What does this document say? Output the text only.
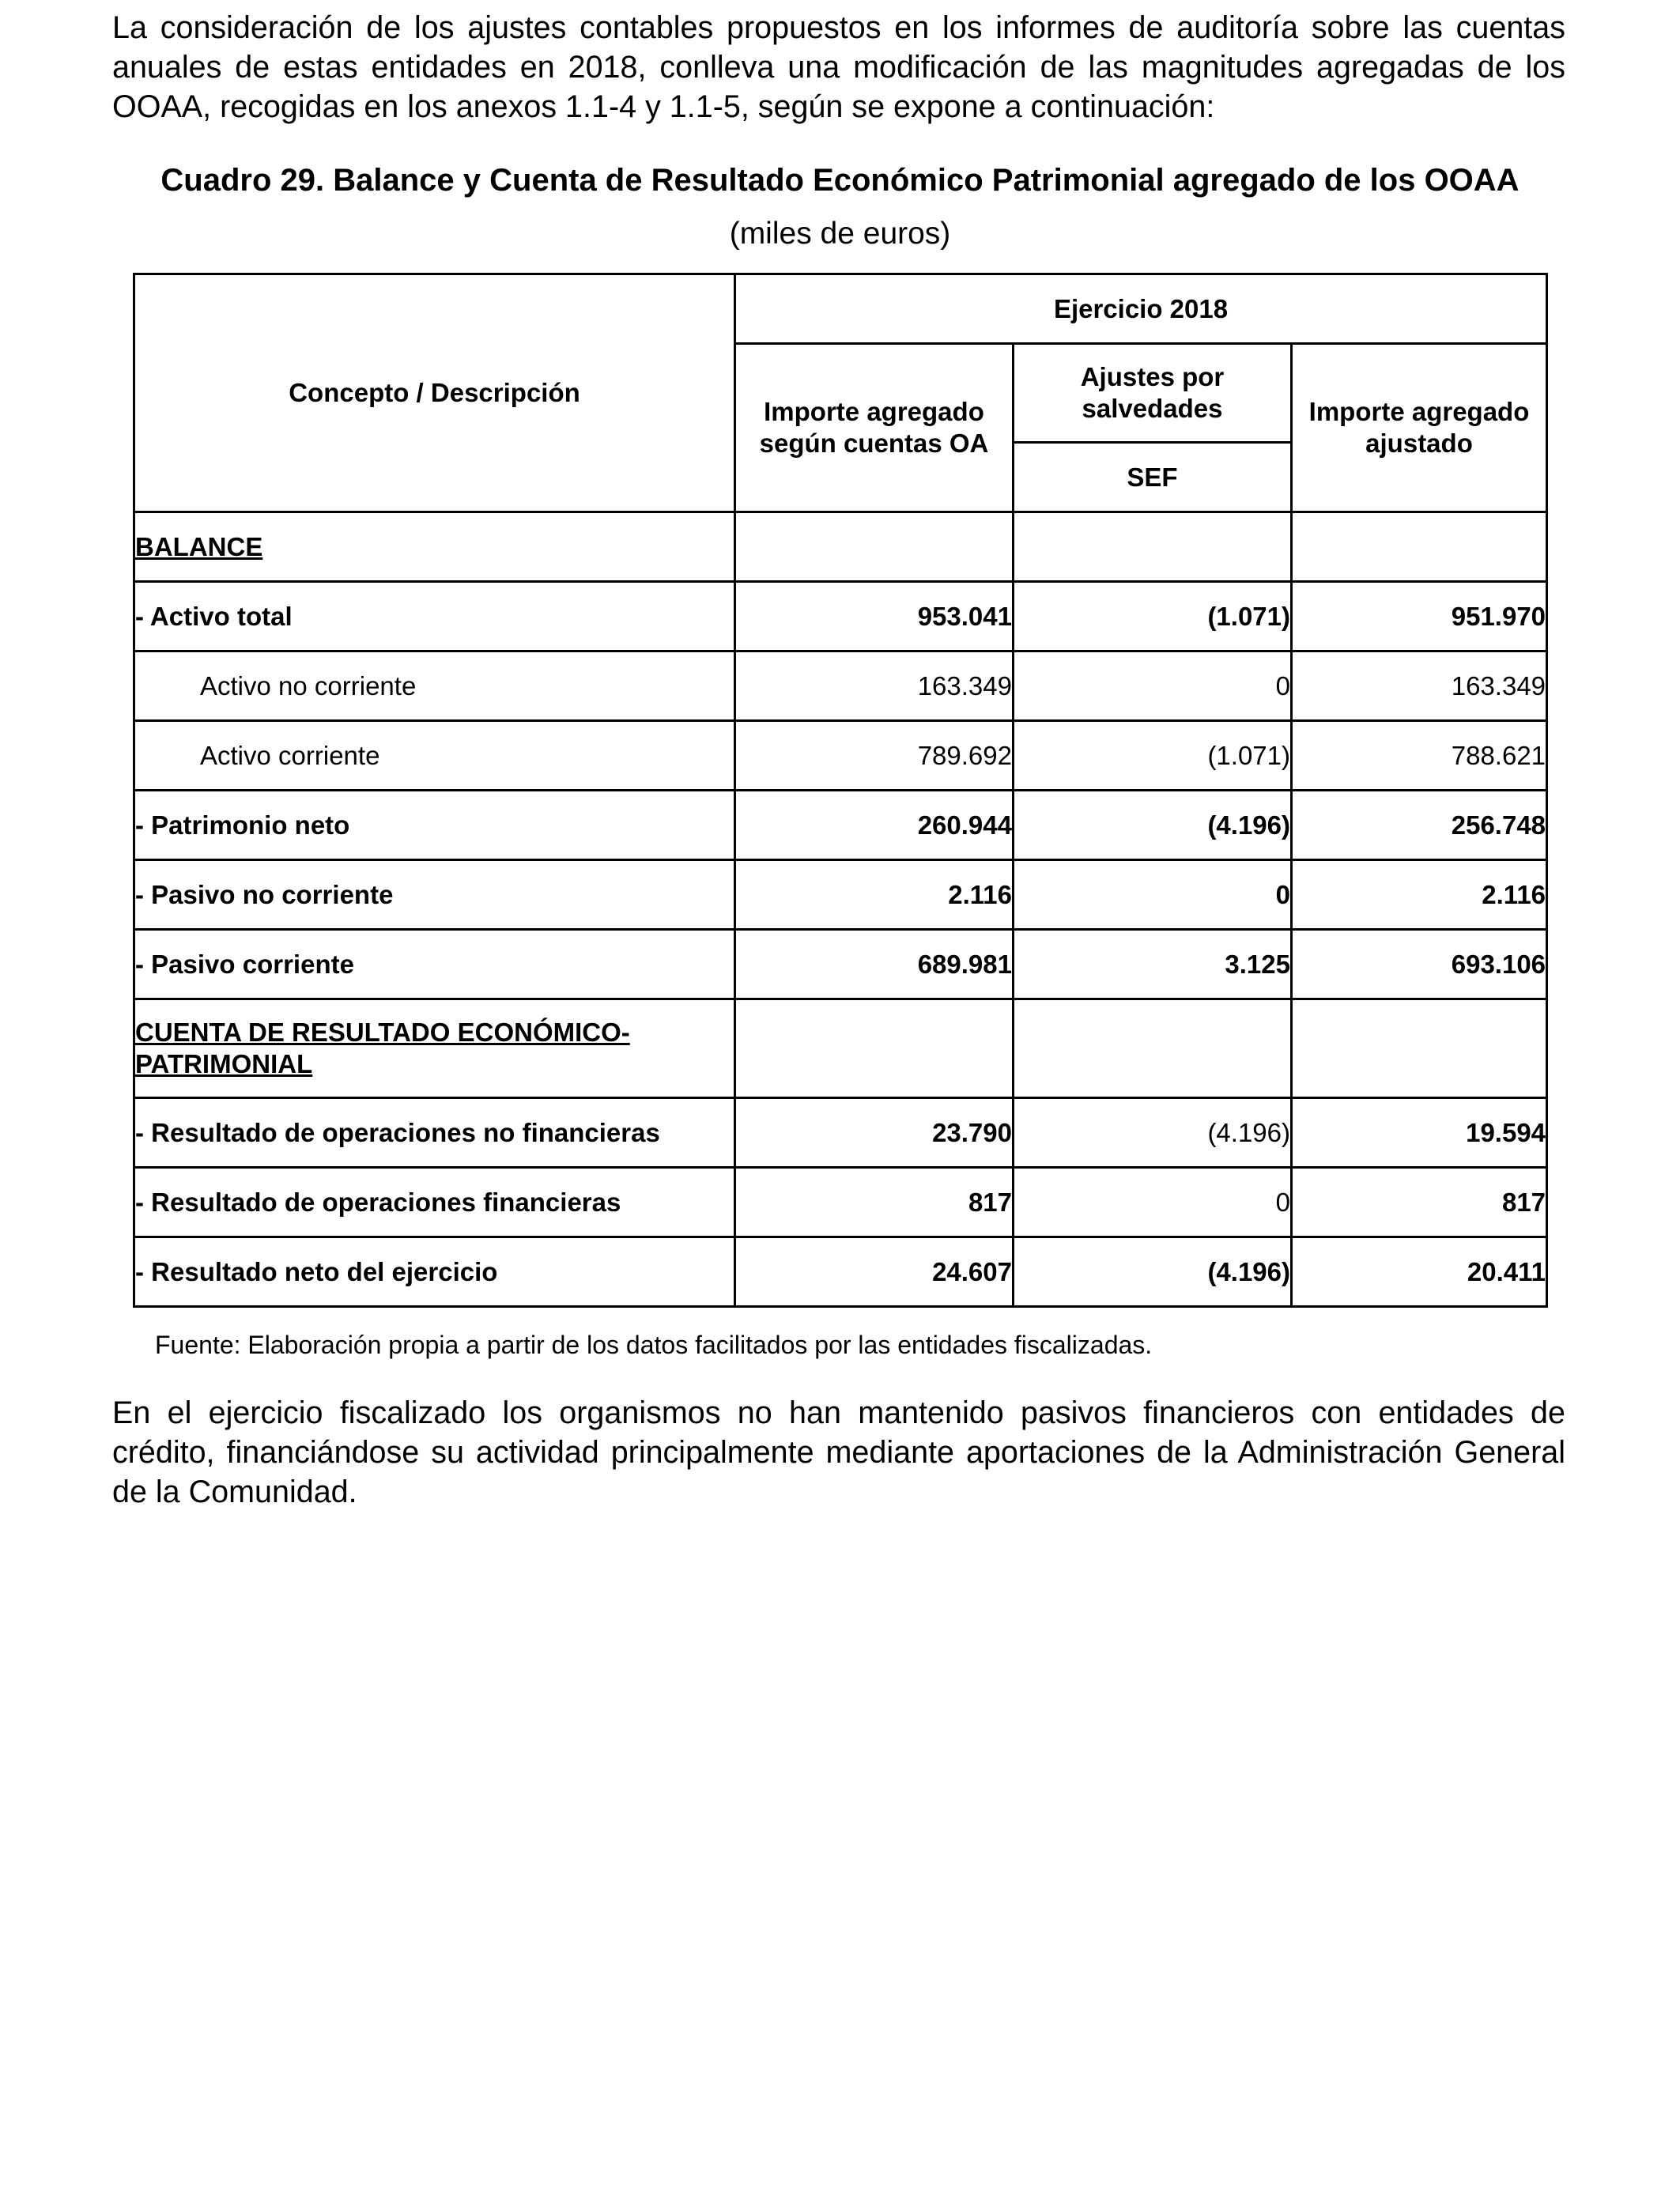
La consideración de los ajustes contables propuestos en los informes de auditoría sobre las cuentas anuales de estas entidades en 2018, conlleva una modificación de las magnitudes agregadas de los OOAA, recogidas en los anexos 1.1-4 y 1.1-5, según se expone a continuación:

Cuadro 29. Balance y Cuenta de Resultado Económico Patrimonial agregado de los OOAA
(miles de euros)
Concepto / Descripción	Ejercicio 2018		
	Importe agregado según cuentas OA	Ajustes por salvedades	Importe agregado ajustado
		SEF	
BALANCE			
- Activo total	953.041	(1.071)	951.970
Activo no corriente	163.349	0	163.349
Activo corriente	789.692	(1.071)	788.621
- Patrimonio neto	260.944	(4.196)	256.748
- Pasivo no corriente	2.116	0	2.116
- Pasivo corriente	689.981	3.125	693.106
CUENTA DE RESULTADO ECONÓMICO-PATRIMONIAL			
- Resultado de operaciones no financieras	23.790	(4.196)	19.594
- Resultado de operaciones financieras	817	0	817
- Resultado neto del ejercicio	24.607	(4.196)	20.411
Fuente: Elaboración propia a partir de los datos facilitados por las entidades fiscalizadas.

En el ejercicio fiscalizado los organismos no han mantenido pasivos financieros con entidades de crédito, financiándose su actividad principalmente mediante aportaciones de la Administración General de la Comunidad.
